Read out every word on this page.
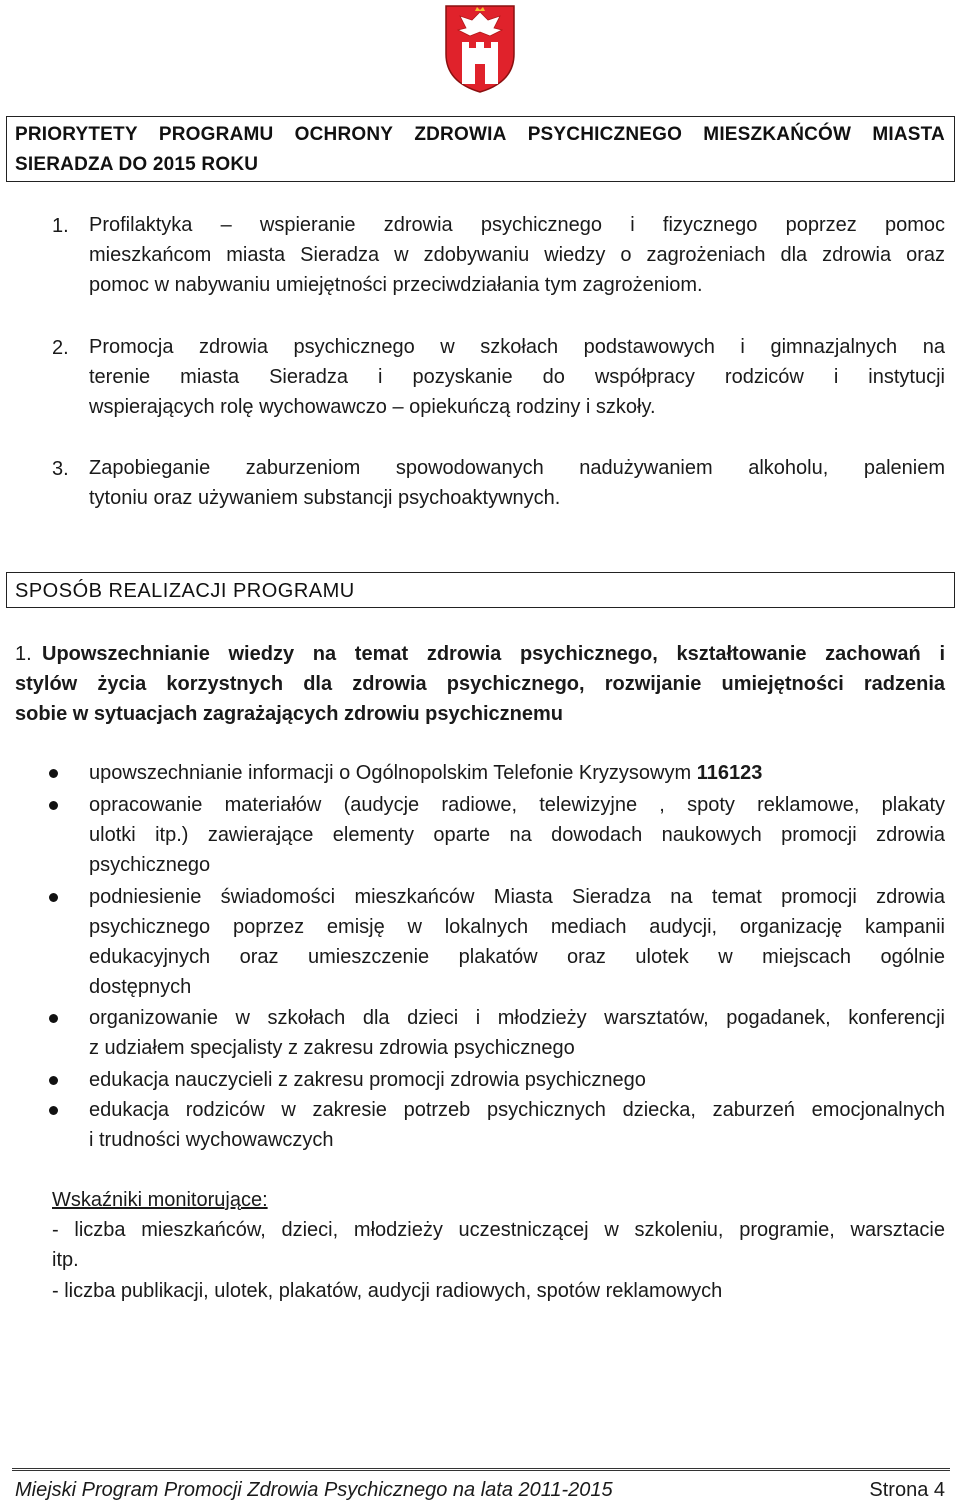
PRIORYTETY PROGRAMU OCHRONY ZDROWIA PSYCHICZNEGO MIESZKAŃCÓW MIASTA
SIERADZA DO 2015 ROKU
1. Profilaktyka – wspieranie zdrowia psychicznego i fizycznego poprzez pomoc
mieszkańcom miasta Sieradza w zdobywaniu wiedzy o zagrożeniach dla zdrowia oraz
pomoc w nabywaniu umiejętności przeciwdziałania tym zagrożeniom.
2. Promocja zdrowia psychicznego w szkołach podstawowych i gimnazjalnych na
terenie miasta Sieradza i pozyskanie do współpracy rodziców i instytucji
wspierających rolę wychowawczo – opiekuńczą rodziny i szkoły.
3. Zapobieganie zaburzeniom spowodowanych nadużywaniem alkoholu, paleniem
tytoniu oraz używaniem substancji psychoaktywnych.
SPOSÓB REALIZACJI PROGRAMU
1. Upowszechnianie wiedzy na temat zdrowia psychicznego, kształtowanie zachowań i
stylów życia korzystnych dla zdrowia psychicznego, rozwijanie umiejętności radzenia
sobie w sytuacjach zagrażających zdrowiu psychicznemu
upowszechnianie informacji o Ogólnopolskim Telefonie Kryzysowym 116123
opracowanie materiałów (audycje radiowe, telewizyjne , spoty reklamowe, plakaty
ulotki itp.) zawierające elementy oparte na dowodach naukowych promocji zdrowia
psychicznego
podniesienie świadomości mieszkańców Miasta Sieradza na temat promocji zdrowia
psychicznego poprzez emisję w lokalnych mediach audycji, organizację kampanii
edukacyjnych oraz umieszczenie plakatów oraz ulotek w miejscach ogólnie
dostępnych
organizowanie w szkołach dla dzieci i młodzieży warsztatów, pogadanek, konferencji
z udziałem specjalisty z zakresu zdrowia psychicznego
edukacja nauczycieli z zakresu promocji zdrowia psychicznego
edukacja rodziców w zakresie potrzeb psychicznych dziecka, zaburzeń emocjonalnych
i trudności wychowawczych
Wskaźniki monitorujące:
- liczba mieszkańców, dzieci, młodzieży uczestniczącej w szkoleniu, programie, warsztacie
itp.
- liczba publikacji, ulotek, plakatów, audycji radiowych, spotów reklamowych
Miejski Program Promocji Zdrowia Psychicznego na lata 2011-2015	Strona 4
